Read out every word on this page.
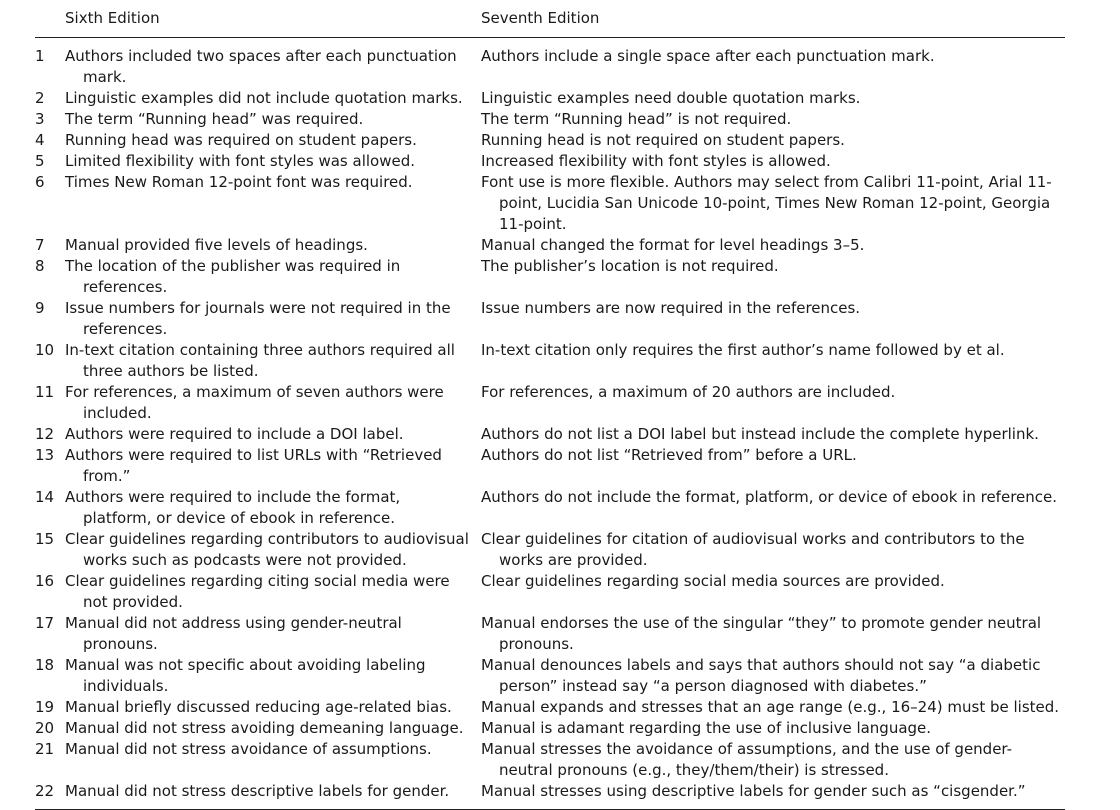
	Sixth Edition	Seventh Edition
1	Authors included two spaces after each punctuation mark.	Authors include a single space after each punctuation mark.

2	Linguistic examples did not include quotation marks.	Linguistic examples need double quotation marks.

3	The term “Running head” was required.	The term “Running head” is not required.

4	Running head was required on student papers.	Running head is not required on student papers.

5	Limited flexibility with font styles was allowed.	Increased flexibility with font styles is allowed.

6	Times New Roman 12-point font was required.	Font use is more flexible. Authors may select from Calibri 11-point, Arial 11-point, Lucidia San Unicode 10-point, Times New Roman 12-point, Georgia 11-point.

7	Manual provided five levels of headings.	Manual changed the format for level headings 3–5.

8	The location of the publisher was required in references.	The publisher’s location is not required.

9	Issue numbers for journals were not required in the references.	Issue numbers are now required in the references.

10	In-text citation containing three authors required all three authors be listed.	In-text citation only requires the first author’s name followed by et al.

11	For references, a maximum of seven authors were included.	For references, a maximum of 20 authors are included.

12	Authors were required to include a DOI label.	Authors do not list a DOI label but instead include the complete hyperlink.

13	Authors were required to list URLs with “Retrieved from.”	Authors do not list “Retrieved from” before a URL.

14	Authors were required to include the format, platform, or device of ebook in reference.	Authors do not include the format, platform, or device of ebook in reference.

15	Clear guidelines regarding contributors to audiovisual works such as podcasts were not provided.	Clear guidelines for citation of audiovisual works and contributors to the works are provided.

16	Clear guidelines regarding citing social media were not provided.	Clear guidelines regarding social media sources are provided.

17	Manual did not address using gender-neutral pronouns.	Manual endorses the use of the singular “they” to promote gender neutral pronouns.

18	Manual was not specific about avoiding labeling individuals.	Manual denounces labels and says that authors should not say “a diabetic person” instead say “a person diagnosed with diabetes.”

19	Manual briefly discussed reducing age-related bias.	Manual expands and stresses that an age range (e.g., 16–24) must be listed.

20	Manual did not stress avoiding demeaning language.	Manual is adamant regarding the use of inclusive language.

21	Manual did not stress avoidance of assumptions.	Manual stresses the avoidance of assumptions, and the use of gender-neutral pronouns (e.g., they/them/their) is stressed.

22	Manual did not stress descriptive labels for gender.	Manual stresses using descriptive labels for gender such as “cisgender.”
